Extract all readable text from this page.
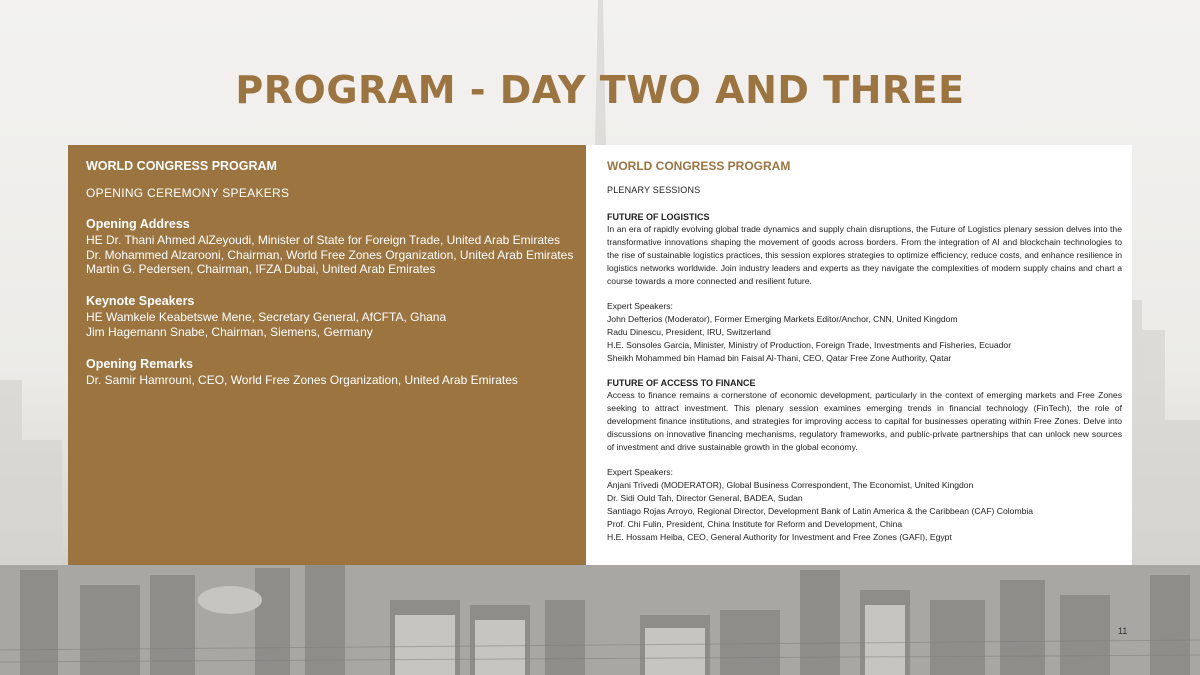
PROGRAM - DAY TWO AND THREE
WORLD CONGRESS PROGRAM
OPENING CEREMONY SPEAKERS
Opening Address
HE Dr. Thani Ahmed AlZeyoudi, Minister of State for Foreign Trade, United Arab Emirates
Dr. Mohammed Alzarooni, Chairman, World Free Zones Organization, United Arab Emirates
Martin G. Pedersen, Chairman, IFZA Dubai, United Arab Emirates
Keynote Speakers
HE Wamkele Keabetswe Mene, Secretary General, AfCFTA, Ghana
Jim Hagemann Snabe, Chairman, Siemens, Germany
Opening Remarks
Dr. Samir Hamrouni, CEO, World Free Zones Organization, United Arab Emirates
WORLD CONGRESS PROGRAM
PLENARY SESSIONS
FUTURE OF LOGISTICS
In an era of rapidly evolving global trade dynamics and supply chain disruptions, the Future of Logistics plenary session delves into the transformative innovations shaping the movement of goods across borders. From the integration of AI and blockchain technologies to the rise of sustainable logistics practices, this session explores strategies to optimize efficiency, reduce costs, and enhance resilience in logistics networks worldwide. Join industry leaders and experts as they navigate the complexities of modern supply chains and chart a course towards a more connected and resilient future.
Expert Speakers:
John Defterios (Moderator), Former Emerging Markets Editor/Anchor, CNN, United Kingdom
Radu Dinescu, President, IRU, Switzerland
H.E. Sonsoles Garcia, Minister, Ministry of Production, Foreign Trade, Investments and Fisheries, Ecuador
Sheikh Mohammed bin Hamad bin Faisal Al-Thani, CEO, Qatar Free Zone Authority, Qatar
FUTURE OF ACCESS TO FINANCE
Access to finance remains a cornerstone of economic development, particularly in the context of emerging markets and Free Zones seeking to attract investment. This plenary session examines emerging trends in financial technology (FinTech), the role of development finance institutions, and strategies for improving access to capital for businesses operating within Free Zones. Delve into discussions on innovative financing mechanisms, regulatory frameworks, and public-private partnerships that can unlock new sources of investment and drive sustainable growth in the global economy.
Expert Speakers:
Anjani Trivedi (MODERATOR), Global Business Correspondent, The Economist, United Kingdon
Dr. Sidi Ould Tah, Director General, BADEA, Sudan
Santiago Rojas Arroyo, Regional Director, Development Bank of Latin America & the Caribbean (CAF) Colombia
Prof. Chi Fulin, President, China Institute for Reform and Development, China
H.E. Hossam Heiba, CEO, General Authority for Investment and Free Zones (GAFI), Egypt
11
